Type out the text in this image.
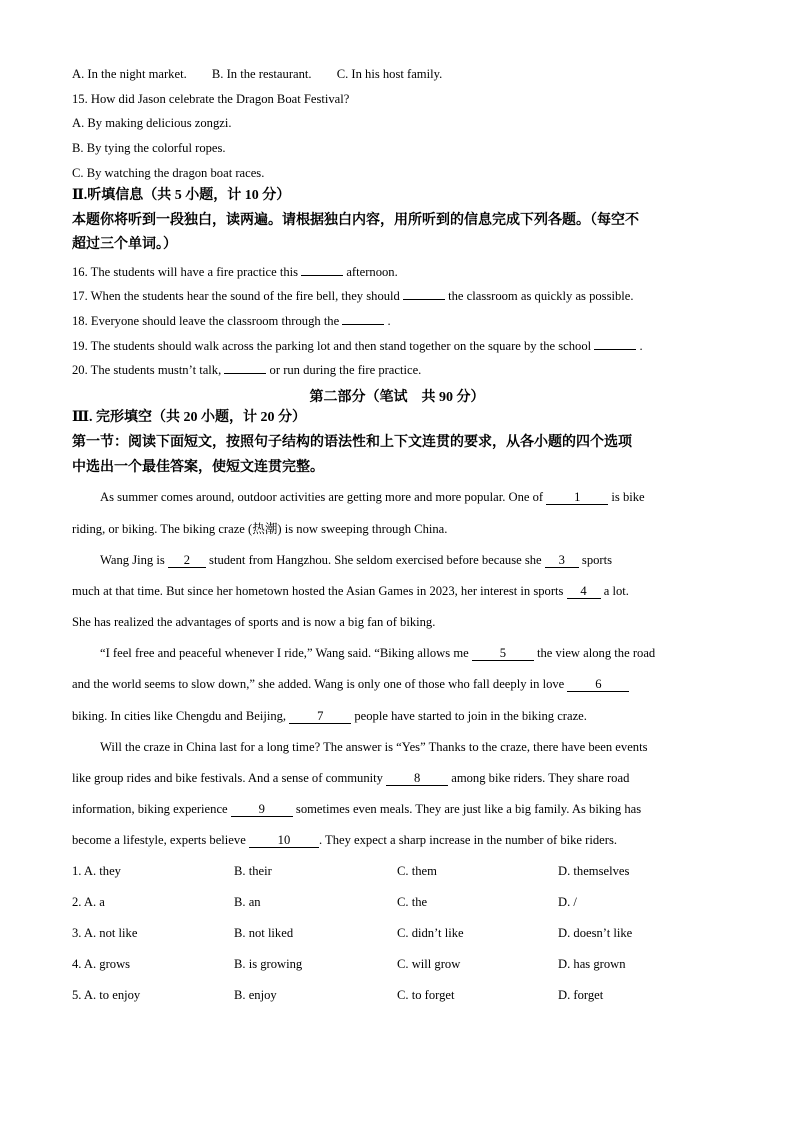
A. In the night market. B. In the restaurant. C. In his host family.
15. How did Jason celebrate the Dragon Boat Festival?
A. By making delicious zongzi.
B. By tying the colorful ropes.
C. By watching the dragon boat races.
Ⅱ.听填信息（共 5 小题，计 10 分）
本题你将听到一段独白，读两遍。请根据独白内容，用所听到的信息完成下列各题。（每空不
超过三个单词。）
16. The students will have a fire practice this	afternoon.
17. When the students hear the sound of the fire bell, they should	the classroom as quickly as possible.
18. Everyone should leave the classroom through the	.
19. The students should walk across the parking lot and then stand together on the square by the school	.
20. The students mustn’t talk,	or run during the fire practice.
第二部分（笔试　共 90 分）
Ⅲ. 完形填空（共 20 小题，计 20 分）
第一节：阅读下面短文，按照句子结构的语法性和上下文连贯的要求，从各小题的四个选项
中选出一个最佳答案，使短文连贯完整。
As summer comes around, outdoor activities are getting more and more popular. One of 1 is bike
riding, or biking. The biking craze (热潮) is now sweeping through China.
Wang Jing is 2 student from Hangzhou. She seldom exercised before because she 3 sports
much at that time. But since her hometown hosted the Asian Games in 2023, her interest in sports 4 a lot.
She has realized the advantages of sports and is now a big fan of biking.
“I feel free and peaceful whenever I ride,” Wang said. “Biking allows me 5 the view along the road
and the world seems to slow down,” she added. Wang is only one of those who fall deeply in love 6
biking. In cities like Chengdu and Beijing, 7 people have started to join in the biking craze.
Will the craze in China last for a long time? The answer is “Yes” Thanks to the craze, there have been events
like group rides and bike festivals. And a sense of community 8 among bike riders. They share road
information, biking experience 9 sometimes even meals. They are just like a big family. As biking has
become a lifestyle, experts believe 10 . They expect a sharp increase in the number of bike riders.
1. A. they	B. their	C. them	D. themselves
2. A. a	B. an	C. the	D. /
3. A. not like	B. not liked	C. didn’t like	D. doesn’t like
4. A. grows	B. is growing	C. will grow	D. has grown
5. A. to enjoy	B. enjoy	C. to forget	D. forget
